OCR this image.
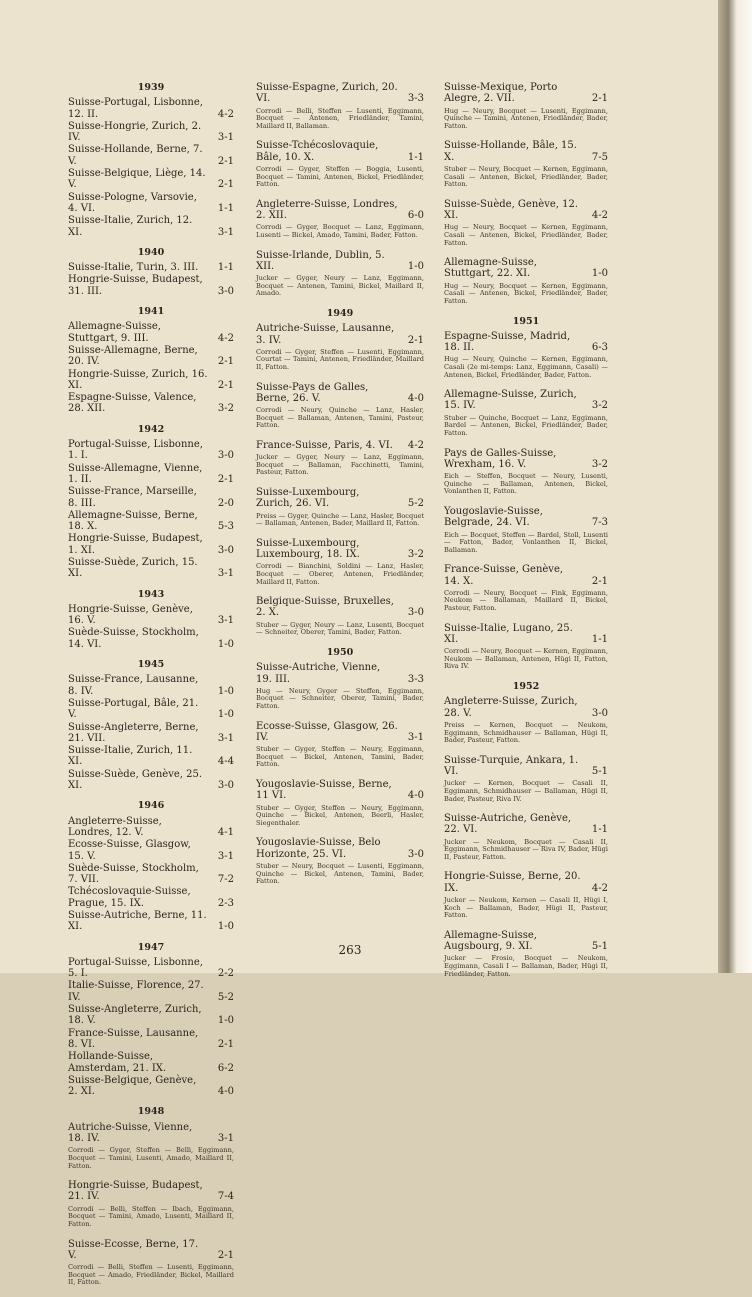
1939
Suisse-Portugal, Lisbonne, 12. II.	4-2
Suisse-Hongrie, Zurich, 2. IV.	3-1
Suisse-Hollande, Berne, 7. V.	2-1
Suisse-Belgique, Liège, 14. V.	2-1
Suisse-Pologne, Varsovie, 4. VI.	1-1
Suisse-Italie, Zurich, 12. XI.	3-1
1940
Suisse-Italie, Turin, 3. III.	1-1
Hongrie-Suisse, Budapest, 31. III.	3-0
1941
Allemagne-Suisse, Stuttgart, 9. III.	4-2
Suisse-Allemagne, Berne, 20. IV.	2-1
Hongrie-Suisse, Zurich, 16. XI.	2-1
Espagne-Suisse, Valence, 28. XII.	3-2
1942
Portugal-Suisse, Lisbonne, 1. I.	3-0
Suisse-Allemagne, Vienne, 1. II.	2-1
Suisse-France, Marseille, 8. III.	2-0
Allemagne-Suisse, Berne, 18. X.	5-3
Hongrie-Suisse, Budapest, 1. XI.	3-0
Suisse-Suède, Zurich, 15. XI.	3-1
1943
Hongrie-Suisse, Genève, 16. V.	3-1
Suède-Suisse, Stockholm, 14. VI.	1-0
1945
Suisse-France, Lausanne, 8. IV.	1-0
Suisse-Portugal, Bâle, 21. V.	1-0
Suisse-Angleterre, Berne, 21. VII.	3-1
Suisse-Italie, Zurich, 11. XI.	4-4
Suisse-Suède, Genève, 25. XI.	3-0
1946
Angleterre-Suisse, Londres, 12. V.	4-1
Ecosse-Suisse, Glasgow, 15. V.	3-1
Suède-Suisse, Stockholm, 7. VII.	7-2
Tchécoslovaquie-Suisse, Prague, 15. IX.	2-3
Suisse-Autriche, Berne, 11. XI.	1-0
1947
Portugal-Suisse, Lisbonne, 5. I.	2-2
Italie-Suisse, Florence, 27. IV.	5-2
Suisse-Angleterre, Zurich, 18. V.	1-0
France-Suisse, Lausanne, 8. VI.	2-1
Hollande-Suisse, Amsterdam, 21. IX.	6-2
Suisse-Belgique, Genève, 2. XI.	4-0
1948
Autriche-Suisse, Vienne, 18. IV.	3-1
Corrodi — Gyger, Steffen — Belli, Eggimann, Bocquet — Tamini, Lusenti, Amado, Maillard II, Fatton.
Hongrie-Suisse, Budapest, 21. IV.	7-4
Corrodi — Belli, Steffen — Ibach, Eggimann, Bocquet — Tamini, Amado, Lusenti, Maillard II, Fatton.
Suisse-Ecosse, Berne, 17. V.	2-1
Corrodi — Belli, Steffen — Lusenti, Eggimann, Bocquet — Amado, Friedländer, Bickel, Maillard II, Fatton.
Suisse-Espagne, Zurich, 20. VI.	3-3
Corrodi — Belli, Steffen — Lusenti, Eggimann, Bocquet — Antenen, Friedländer, Tamini, Maillard II, Ballaman.
Suisse-Tchécoslovaquie, Bâle, 10. X.	1-1
Corrodi — Gyger, Steffen — Boggia, Lusenti, Bocquet — Tamini, Antenen, Bickel, Friedländer, Fatton.
Angleterre-Suisse, Londres, 2. XII.	6-0
Corrodi — Gyger, Bocquet — Lanz, Eggimann, Lusenti — Bickel, Amado, Tamini, Bader, Fatton.
Suisse-Irlande, Dublin, 5. XII.	1-0
Jucker — Gyger, Neury — Lanz, Eggimann, Bocquet — Antenen, Tamini, Bickel, Maillard II, Amado.
1949
Autriche-Suisse, Lausanne, 3. IV.	2-1
Corrodi — Gyger, Steffen — Lusenti, Eggimann, Courtat — Tamini, Antenen, Friedländer, Maillard II, Fatton.
Suisse-Pays de Galles, Berne, 26. V.	4-0
Corrodi — Neury, Quinche — Lanz, Hasler, Bocquet — Ballaman, Antenen, Tamini, Pasteur, Fatton.
France-Suisse, Paris, 4. VI.	4-2
Jucker — Gyger, Neury — Lanz, Eggimann, Bocquet — Ballaman, Facchinetti, Tamini, Pasteur, Fatton.
Suisse-Luxembourg, Zurich, 26. VI.	5-2
Preiss — Gyger, Quinche — Lanz, Hasler, Bocquet — Ballaman, Antenen, Bader, Maillard II, Fatton.
Suisse-Luxembourg, Luxembourg, 18. IX.	3-2
Corrodi — Bianchini, Soldini — Lanz, Hasler, Bocquet — Oberer, Antenen, Friedländer, Maillard II, Fatton.
Belgique-Suisse, Bruxelles, 2. X.	3-0
Stuber — Gyger, Neury — Lanz, Lusenti, Bocquet — Schneiter, Oberer, Tamini, Bader, Fatton.
1950
Suisse-Autriche, Vienne, 19. III.	3-3
Hug — Neury, Gyger — Steffen, Eggimann, Bocquet — Schneiter, Oberer, Tamini, Bader, Fatton.
Ecosse-Suisse, Glasgow, 26. IV.	3-1
Stuber — Gyger, Steffen — Neury, Eggimann, Bocquet — Bickel, Antenen, Tamini, Bader, Fatton.
Yougoslavie-Suisse, Berne, 11 VI.	4-0
Stuber — Gyger, Steffen — Neury, Eggimann, Quinche — Bickel, Antenen, Beerli, Hasler, Siegenthaler.
Yougoslavie-Suisse, Belo Horizonte, 25. VI.	3-0
Stuber — Neury, Bocquet — Lusenti, Eggimann, Quinche — Bickel, Antenen, Tamini, Bader, Fatton.
Suisse-Mexique, Porto Alegre, 2. VII.	2-1
Hug — Neury, Bocquet — Lusenti, Eggimann, Quinche — Tamini, Antenen, Friedländer, Bader, Fatton.
Suisse-Hollande, Bâle, 15. X.	7-5
Stuber — Neury, Bocquet — Kernen, Eggimann, Casali — Antenen, Bickel, Friedländer, Bader, Fatton.
Suisse-Suède, Genève, 12. XI.	4-2
Hug — Neury, Bocquet — Kernen, Eggimann, Casali — Antenen, Bickel, Friedländer, Bader, Fatton.
Allemagne-Suisse, Stuttgart, 22. XI.	1-0
Hug — Neury, Bocquet — Kernen, Eggimann, Casali — Antenen, Bickel, Friedländer, Bader, Fatton.
1951
Espagne-Suisse, Madrid, 18. II.	6-3
Hug — Neury, Quinche — Kernen, Eggimann, Casali (2e mi-temps: Lanz, Eggimann, Casali) — Antenen, Bickel, Friedländer, Bader, Fatton.
Allemagne-Suisse, Zurich, 15. IV.	3-2
Stuber — Quinche, Bocquet — Lanz, Eggimann, Bardel — Antenen, Bickel, Friedländer, Bader, Fatton.
Pays de Galles-Suisse, Wrexham, 16. V.	3-2
Eich — Steffen, Bocquet — Neury, Lusenti, Quinche — Ballaman, Antenen, Bickel, Vonlanthen II, Fatton.
Yougoslavie-Suisse, Belgrade, 24. VI.	7-3
Eich — Bocquet, Steffen — Bardel, Stoll, Lusenti — Fatton, Bader, Vonlanthen II, Bickel, Ballaman.
France-Suisse, Genève, 14. X.	2-1
Corrodi — Neury, Bocquet — Fink, Eggimann, Neukom — Ballaman, Maillard II, Bickel, Pasteur, Fatton.
Suisse-Italie, Lugano, 25. XI.	1-1
Corrodi — Neury, Bocquet — Kernen, Eggimann, Neukom — Ballaman, Antenen, Hügi II, Fatton, Riva IV.
1952
Angleterre-Suisse, Zurich, 28. V.	3-0
Preiss — Kernen, Bocquet — Neukom, Eggimann, Schmidhauser — Ballaman, Hügi II, Bader, Pasteur, Fatton.
Suisse-Turquie, Ankara, 1. VI.	5-1
Jucker — Kernen, Bocquet — Casali II, Eggimann, Schmidhauser — Ballaman, Hügi II, Bader, Pasteur, Riva IV.
Suisse-Autriche, Genève, 22. VI.	1-1
Jucker — Neukom, Bocquet — Casali II, Eggimann, Schmidhauser — Riva IV, Bader, Hügi II, Pasteur, Fatton.
Hongrie-Suisse, Berne, 20. IX.	4-2
Jucker — Neukom, Kernen — Casali II, Hügi I, Koch — Ballaman, Bader, Hügi II, Pasteur, Fatton.
Allemagne-Suisse, Augsbourg, 9. XI.	5-1
Jucker — Frosio, Bocquet — Neukom, Eggimann, Casali I — Ballaman, Bader, Hügi II, Friedländer, Fatton.
263
